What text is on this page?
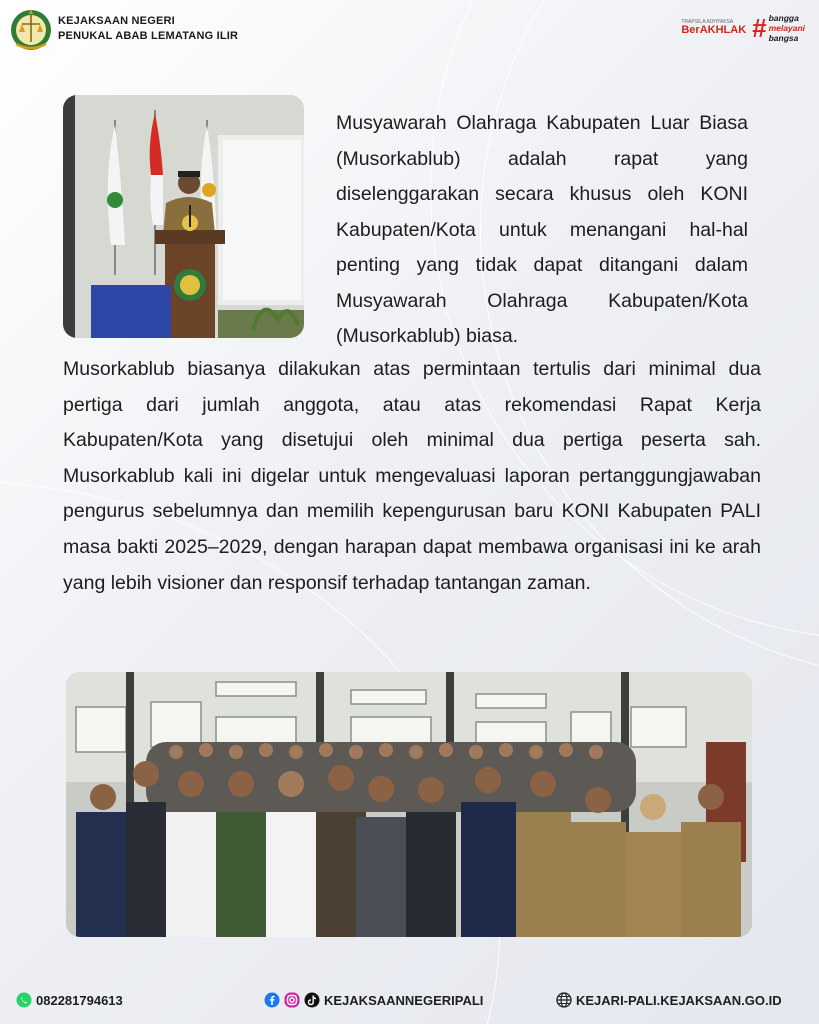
KEJAKSAAN NEGERI
PENUKAL ABAB LEMATANG ILIR
TRAPSILA ADHYAKSA
BerAKHLAK # bangga
melayani
bangsa
Musyawarah Olahraga Kabupaten Luar Biasa (Musorkablub) adalah rapat yang diselenggarakan secara khusus oleh KONI Kabupaten/Kota untuk menangani hal-hal penting yang tidak dapat ditangani dalam Musyawarah Olahraga Kabupaten/Kota (Musorkablub) biasa.
Musorkablub biasanya dilakukan atas permintaan tertulis dari minimal dua pertiga dari jumlah anggota, atau atas rekomendasi Rapat Kerja Kabupaten/Kota yang disetujui oleh minimal dua pertiga peserta sah. Musorkablub kali ini digelar untuk mengevaluasi laporan pertanggungjawaban pengurus sebelumnya dan memilih kepengurusan baru KONI Kabupaten PALI masa bakti 2025–2029, dengan harapan dapat membawa organisasi ini ke arah yang lebih visioner dan responsif terhadap tantangan zaman.
082281794613	KEJAKSAANNEGERIPALI	KEJARI-PALI.KEJAKSAAN.GO.ID
